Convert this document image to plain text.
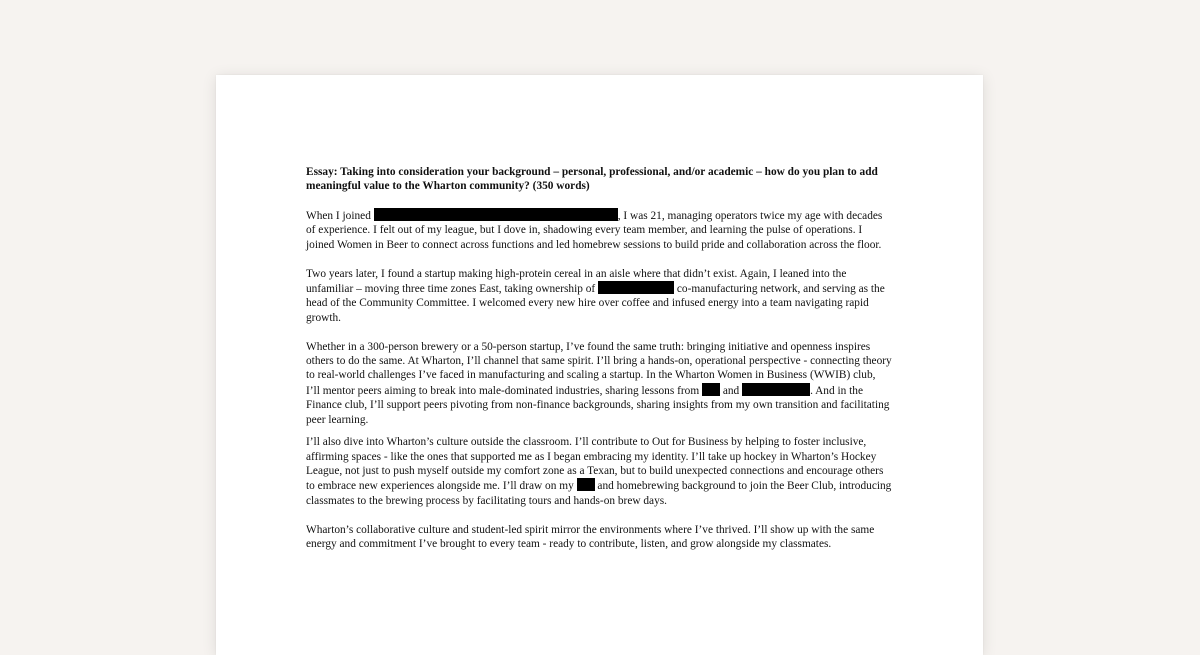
Essay: Taking into consideration your background – personal, professional, and/or academic – how do you plan to add meaningful value to the Wharton community? (350 words)

When I joined	, I was 21, managing operators twice my age with decades of experience. I felt out of my league, but I dove in, shadowing every team member, and learning the pulse of operations. I joined Women in Beer to connect across functions and led homebrew sessions to build pride and collaboration across the floor.

Two years later, I found a startup making high-protein cereal in an aisle where that didn’t exist. Again, I leaned into the unfamiliar – moving three time zones East, taking ownership of	co-manufacturing network, and serving as the head of the Community Committee. I welcomed every new hire over coffee and infused energy into a team navigating rapid growth.

Whether in a 300-person brewery or a 50-person startup, I’ve found the same truth: bringing initiative and openness inspires others to do the same. At Wharton, I’ll channel that same spirit. I’ll bring a hands-on, operational perspective - connecting theory to real-world challenges I’ve faced in manufacturing and scaling a startup. In the Wharton Women in Business (WWIB) club, I’ll mentor peers aiming to break into male-dominated industries, sharing lessons from  and	. And in the Finance club, I’ll support peers pivoting from non-finance backgrounds, sharing insights from my own transition and facilitating peer learning.

I’ll also dive into Wharton’s culture outside the classroom. I’ll contribute to Out for Business by helping to foster inclusive, affirming spaces - like the ones that supported me as I began embracing my identity. I’ll take up hockey in Wharton’s Hockey League, not just to push myself outside my comfort zone as a Texan, but to build unexpected connections and encourage others to embrace new experiences alongside me. I’ll draw on my  and homebrewing background to join the Beer Club, introducing classmates to the brewing process by facilitating tours and hands-on brew days.

Wharton’s collaborative culture and student-led spirit mirror the environments where I’ve thrived. I’ll show up with the same energy and commitment I’ve brought to every team - ready to contribute, listen, and grow alongside my classmates.
